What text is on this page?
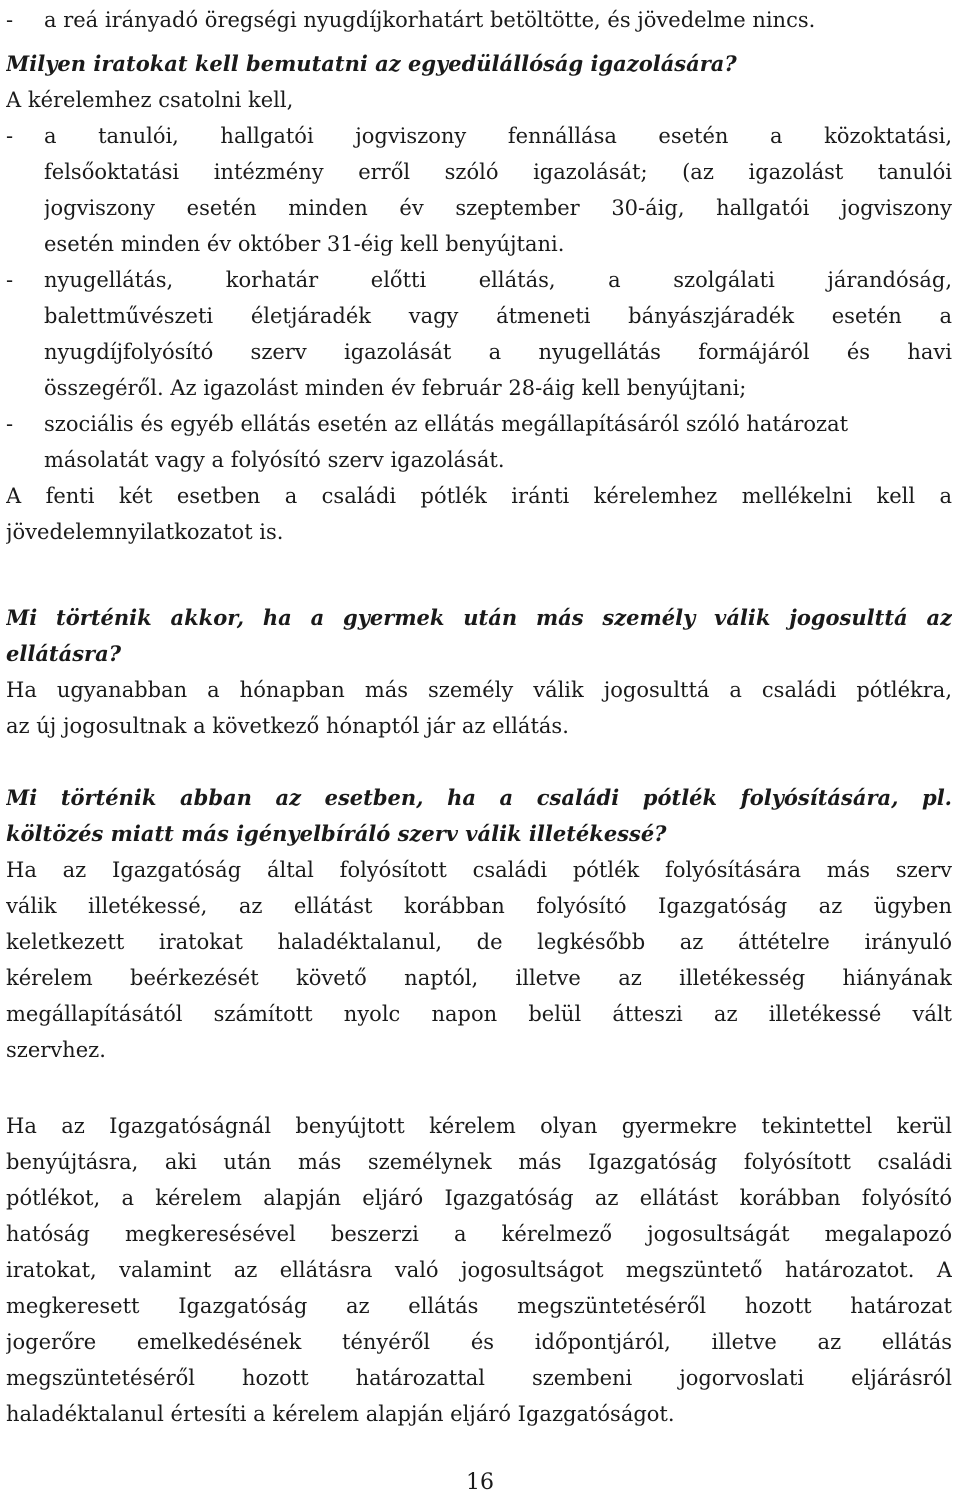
- a reá irányadó öregségi nyugdíjkorhatárt betöltötte, és jövedelme nincs.
Milyen iratokat kell bemutatni az egyedülállóság igazolására?
A kérelemhez csatolni kell,
- a tanulói, hallgatói jogviszony fennállása esetén a közoktatási,
felsőoktatási intézmény erről szóló igazolását; (az igazolást tanulói
jogviszony esetén minden év szeptember 30-áig, hallgatói jogviszony
esetén minden év október 31-éig kell benyújtani.
- nyugellátás, korhatár előtti ellátás, a szolgálati járandóság,
balettművészeti életjáradék vagy átmeneti bányászjáradék esetén a
nyugdíjfolyósító szerv igazolását a nyugellátás formájáról és havi
összegéről. Az igazolást minden év február 28-áig kell benyújtani;
- szociális és egyéb ellátás esetén az ellátás megállapításáról szóló határozat
másolatát vagy a folyósító szerv igazolását.
A fenti két esetben a családi pótlék iránti kérelemhez mellékelni kell a
jövedelemnyilatkozatot is.
Mi történik akkor, ha a gyermek után más személy válik jogosulttá az
ellátásra?
Ha ugyanabban a hónapban más személy válik jogosulttá a családi pótlékra,
az új jogosultnak a következő hónaptól jár az ellátás.
Mi történik abban az esetben, ha a családi pótlék folyósítására, pl.
költözés miatt más igényelbíráló szerv válik illetékessé?
Ha az Igazgatóság által folyósított családi pótlék folyósítására más szerv
válik illetékessé, az ellátást korábban folyósító Igazgatóság az ügyben
keletkezett iratokat haladéktalanul, de legkésőbb az áttételre irányuló
kérelem beérkezését követő naptól, illetve az illetékesség hiányának
megállapításától számított nyolc napon belül átteszi az illetékessé vált
szervhez.
Ha az Igazgatóságnál benyújtott kérelem olyan gyermekre tekintettel kerül
benyújtásra, aki után más személynek más Igazgatóság folyósított családi
pótlékot, a kérelem alapján eljáró Igazgatóság az ellátást korábban folyósító
hatóság megkeresésével beszerzi a kérelmező jogosultságát megalapozó
iratokat, valamint az ellátásra való jogosultságot megszüntető határozatot. A
megkeresett Igazgatóság az ellátás megszüntetéséről hozott határozat
jogerőre emelkedésének tényéről és időpontjáról, illetve az ellátás
megszüntetéséről hozott határozattal szembeni jogorvoslati eljárásról
haladéktalanul értesíti a kérelem alapján eljáró Igazgatóságot.
16
